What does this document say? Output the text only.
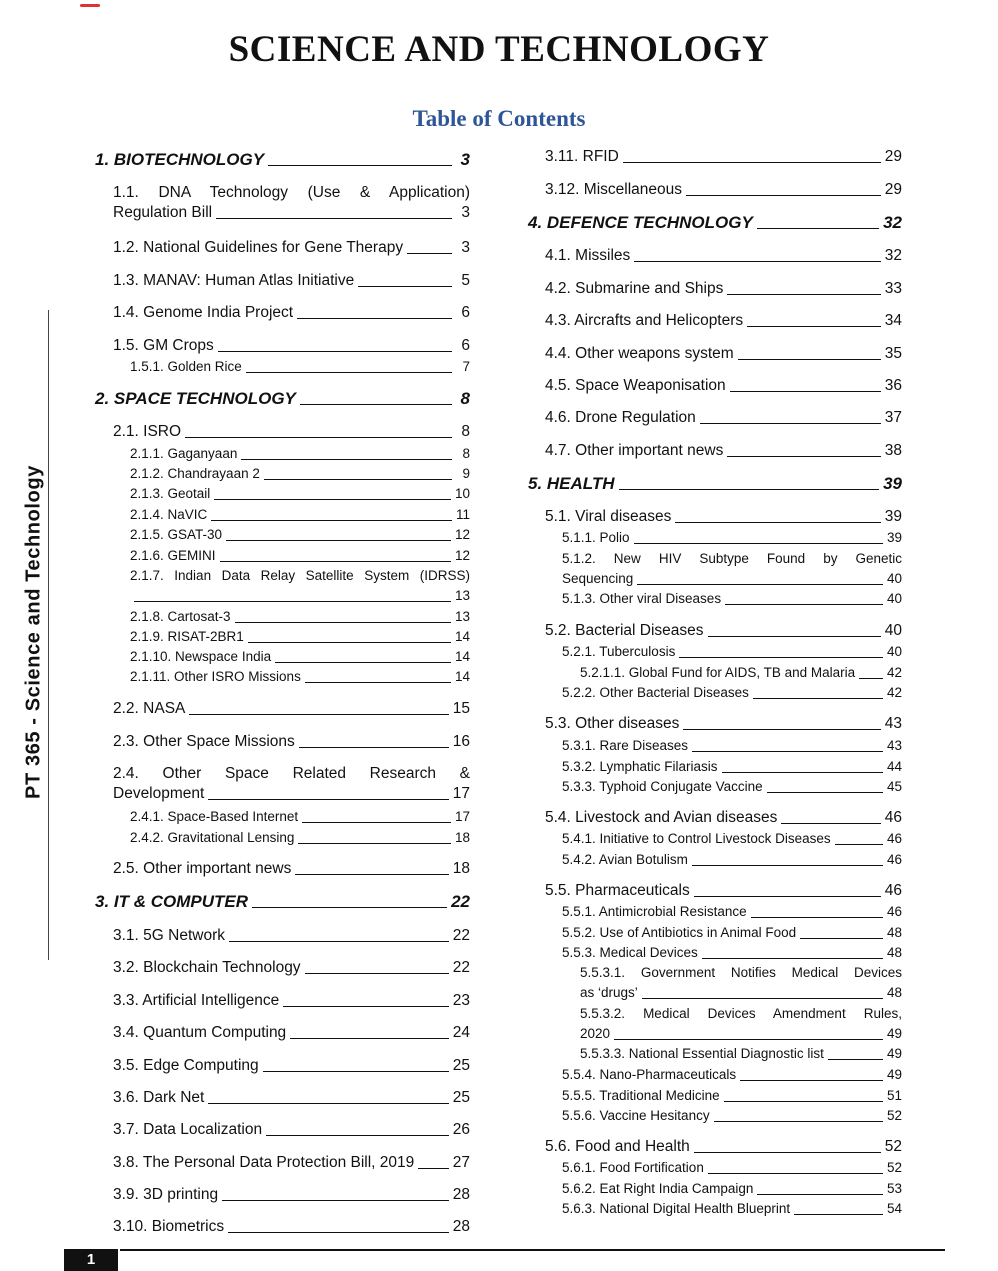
SCIENCE AND TECHNOLOGY
Table of Contents
PT 365 - Science and Technology
1. BIOTECHNOLOGY	3
1.1. DNA Technology (Use & Application)
Regulation Bill	3
1.2. National Guidelines for Gene Therapy	3
1.3. MANAV: Human Atlas Initiative	5
1.4. Genome India Project	6
1.5. GM Crops	6
1.5.1. Golden Rice	7
2. SPACE TECHNOLOGY	8
2.1. ISRO	8
2.1.1. Gaganyaan	8
2.1.2. Chandrayaan 2	9
2.1.3. Geotail	10
2.1.4. NaVIC	11
2.1.5. GSAT-30	12
2.1.6. GEMINI	12
2.1.7. Indian Data Relay Satellite System (IDRSS)
13
2.1.8. Cartosat-3	13
2.1.9. RISAT-2BR1	14
2.1.10. Newspace India	14
2.1.11. Other ISRO Missions	14
2.2. NASA	15
2.3. Other Space Missions	16
2.4. Other Space Related Research &
Development	17
2.4.1. Space-Based Internet	17
2.4.2. Gravitational Lensing	18
2.5. Other important news	18
3. IT & COMPUTER	22
3.1. 5G Network	22
3.2. Blockchain Technology	22
3.3. Artificial Intelligence	23
3.4. Quantum Computing	24
3.5. Edge Computing	25
3.6. Dark Net	25
3.7. Data Localization	26
3.8. The Personal Data Protection Bill, 2019 27
3.9. 3D printing	28
3.10. Biometrics	28
3.11. RFID	29
3.12. Miscellaneous	29
4. DEFENCE TECHNOLOGY	32
4.1. Missiles	32
4.2. Submarine and Ships	33
4.3. Aircrafts and Helicopters	34
4.4. Other weapons system	35
4.5. Space Weaponisation	36
4.6. Drone Regulation	37
4.7. Other important news	38
5. HEALTH	39
5.1. Viral diseases	39
5.1.1. Polio	39
5.1.2. New HIV Subtype Found by Genetic
Sequencing	40
5.1.3. Other viral Diseases	40
5.2. Bacterial Diseases	40
5.2.1. Tuberculosis	40
5.2.1.1. Global Fund for AIDS, TB and Malaria 42
5.2.2. Other Bacterial Diseases	42
5.3. Other diseases	43
5.3.1. Rare Diseases	43
5.3.2. Lymphatic Filariasis	44
5.3.3. Typhoid Conjugate Vaccine	45
5.4. Livestock and Avian diseases	46
5.4.1. Initiative to Control Livestock Diseases	46
5.4.2. Avian Botulism	46
5.5. Pharmaceuticals	46
5.5.1. Antimicrobial Resistance	46
5.5.2. Use of Antibiotics in Animal Food	48
5.5.3. Medical Devices	48
5.5.3.1. Government Notifies Medical Devices
as ‘drugs’	48
5.5.3.2. Medical Devices Amendment Rules,
2020	49
5.5.3.3. National Essential Diagnostic list	49
5.5.4. Nano-Pharmaceuticals	49
5.5.5. Traditional Medicine	51
5.5.6. Vaccine Hesitancy	52
5.6. Food and Health	52
5.6.1. Food Fortification	52
5.6.2. Eat Right India Campaign	53
5.6.3. National Digital Health Blueprint	54
1
